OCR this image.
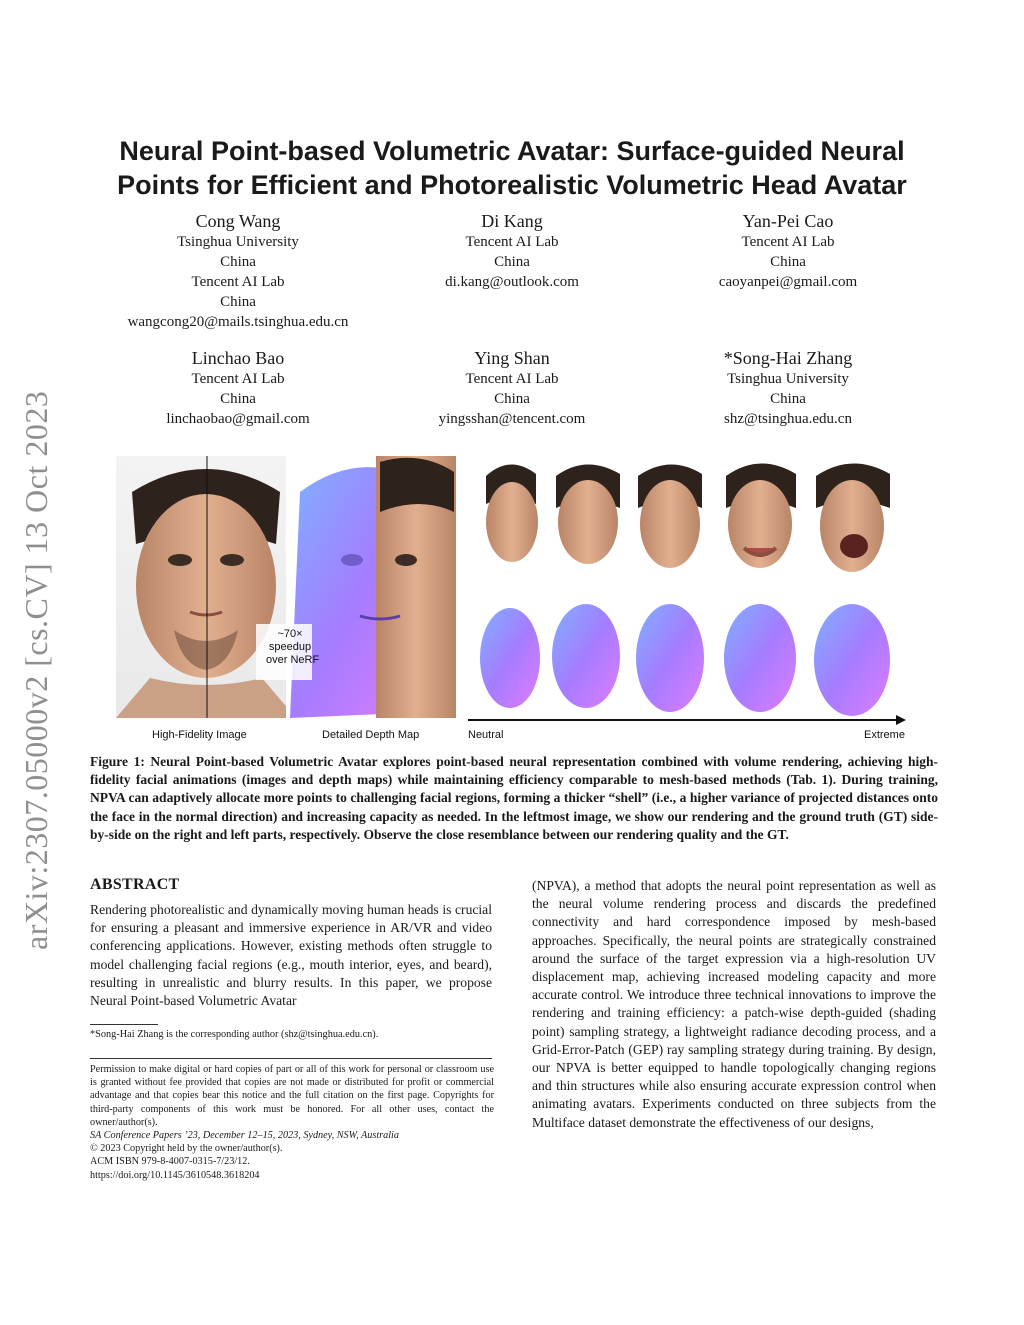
arXiv:2307.05000v2 [cs.CV] 13 Oct 2023
Neural Point-based Volumetric Avatar: Surface-guided Neural
Points for Efficient and Photorealistic Volumetric Head Avatar
Cong Wang
Tsinghua University
China
Tencent AI Lab
China
wangcong20@mails.tsinghua.edu.cn
Di Kang
Tencent AI Lab
China
di.kang@outlook.com
Yan-Pei Cao
Tencent AI Lab
China
caoyanpei@gmail.com
Linchao Bao
Tencent AI Lab
China
linchaobao@gmail.com
Ying Shan
Tencent AI Lab
China
yingsshan@tencent.com
*Song-Hai Zhang
Tsinghua University
China
shz@tsinghua.edu.cn
~70×
speedup
over NeRF
High-Fidelity Image	Detailed Depth Map	Neutral	Extreme
Figure 1: Neural Point-based Volumetric Avatar explores point-based neural representation combined with volume rendering, achieving high-fidelity facial animations (images and depth maps) while maintaining efficiency comparable to mesh-based methods (Tab. 1). During training, NPVA can adaptively allocate more points to challenging facial regions, forming a thicker “shell” (i.e., a higher variance of projected distances onto the face in the normal direction) and increasing capacity as needed. In the leftmost image, we show our rendering and the ground truth (GT) side-by-side on the right and left parts, respectively. Observe the close resemblance between our rendering quality and the GT.
ABSTRACT
Rendering photorealistic and dynamically moving human heads is crucial for ensuring a pleasant and immersive experience in AR/VR and video conferencing applications. However, existing methods often struggle to model challenging facial regions (e.g., mouth interior, eyes, and beard), resulting in unrealistic and blurry results. In this paper, we propose Neural Point-based Volumetric Avatar
(NPVA), a method that adopts the neural point representation as well as the neural volume rendering process and discards the predefined connectivity and hard correspondence imposed by mesh-based approaches. Specifically, the neural points are strategically constrained around the surface of the target expression via a high-resolution UV displacement map, achieving increased modeling capacity and more accurate control. We introduce three technical innovations to improve the rendering and training efficiency: a patch-wise depth-guided (shading point) sampling strategy, a lightweight radiance decoding process, and a Grid-Error-Patch (GEP) ray sampling strategy during training. By design, our NPVA is better equipped to handle topologically changing regions and thin structures while also ensuring accurate expression control when animating avatars. Experiments conducted on three subjects from the Multiface dataset demonstrate the effectiveness of our designs,
*Song-Hai Zhang is the corresponding author (shz@tsinghua.edu.cn).
Permission to make digital or hard copies of part or all of this work for personal or classroom use is granted without fee provided that copies are not made or distributed for profit or commercial advantage and that copies bear this notice and the full citation on the first page. Copyrights for third-party components of this work must be honored. For all other uses, contact the owner/author(s).
SA Conference Papers ’23, December 12–15, 2023, Sydney, NSW, Australia
© 2023 Copyright held by the owner/author(s).
ACM ISBN 979-8-4007-0315-7/23/12.
https://doi.org/10.1145/3610548.3618204
